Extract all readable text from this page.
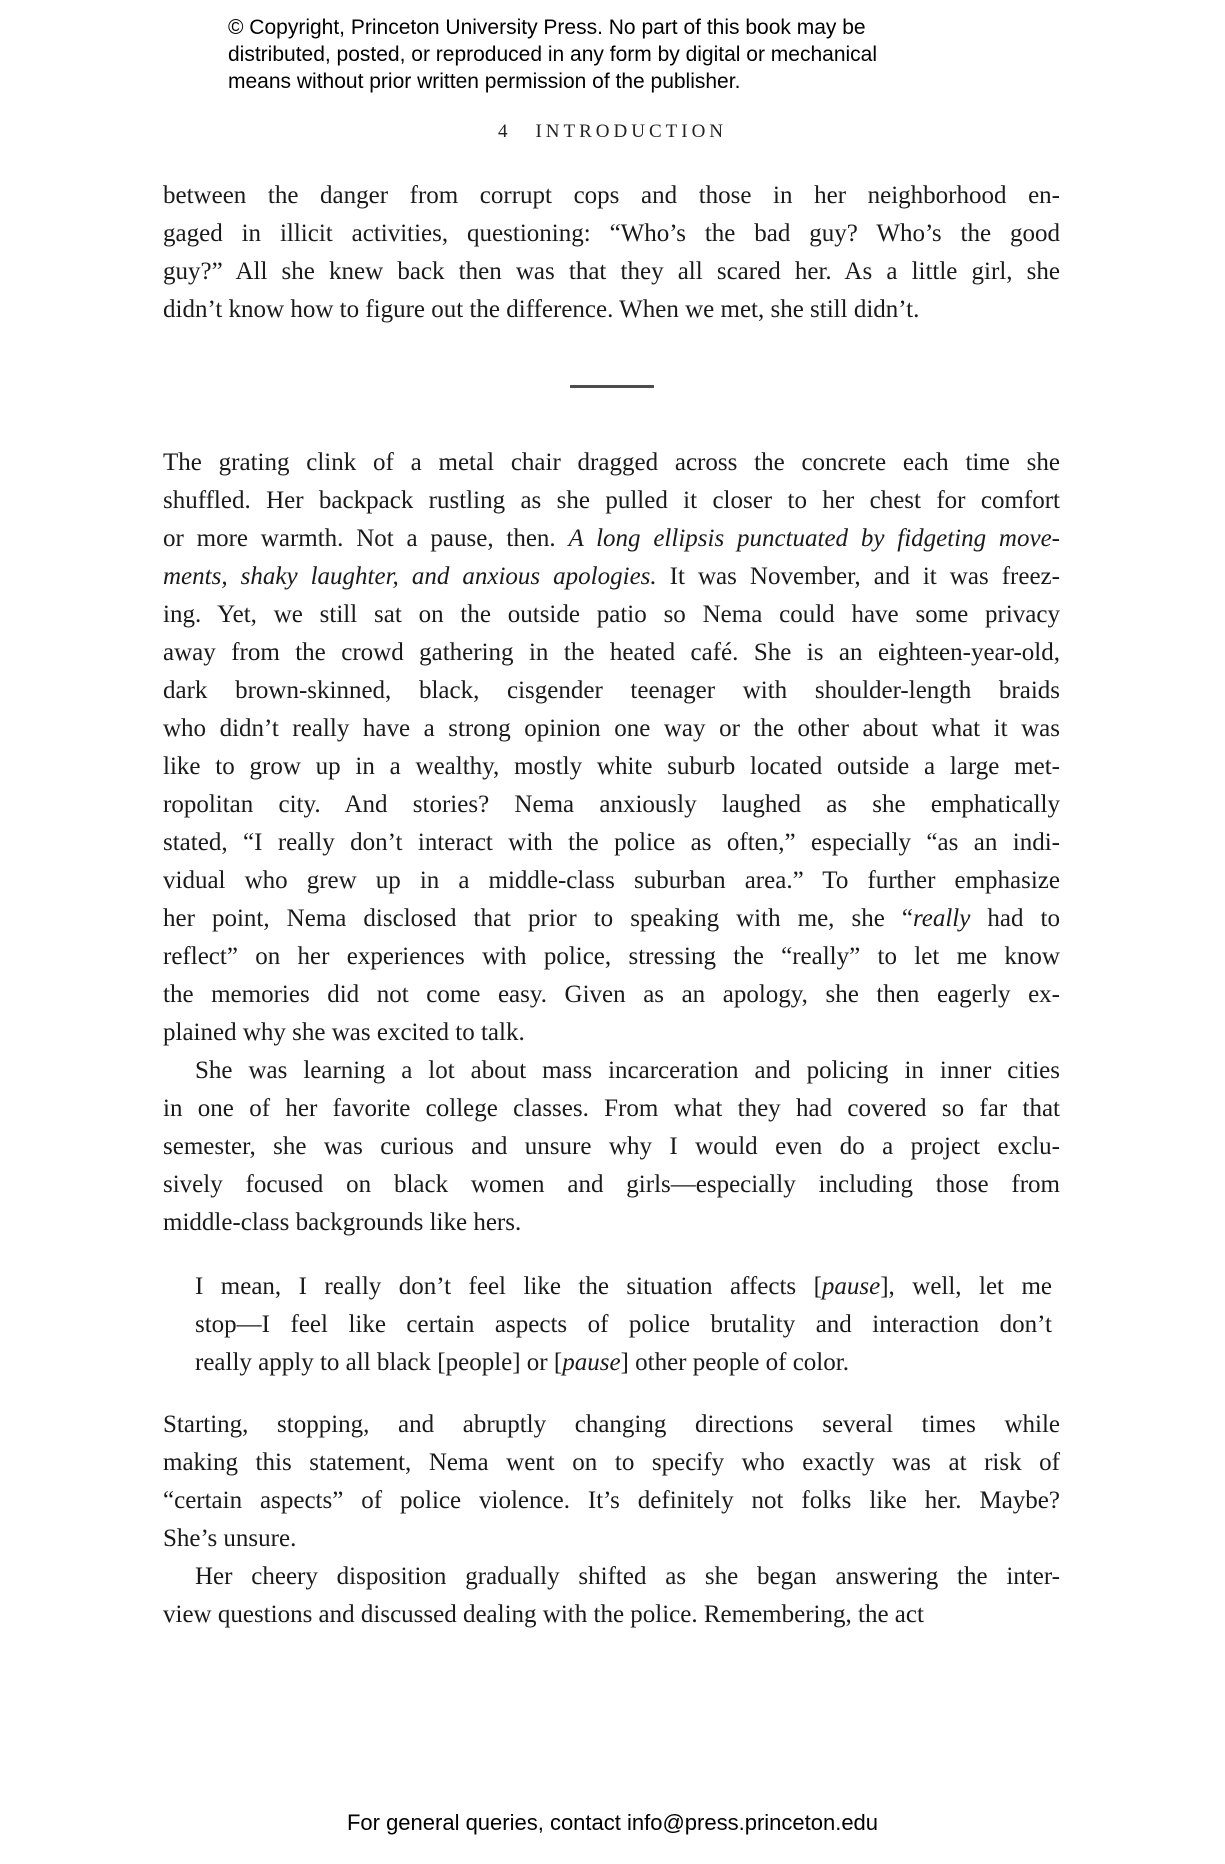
© Copyright, Princeton University Press. No part of this book may be
distributed, posted, or reproduced in any form by digital or mechanical
means without prior written permission of the publisher.
4 INTRODUCTION
between the danger from corrupt cops and those in her neighborhood en-
gaged in illicit activities, questioning: “Who’s the bad guy? Who’s the good
guy?” All she knew back then was that they all scared her. As a little girl, she
didn’t know how to figure out the difference. When we met, she still didn’t.
The grating clink of a metal chair dragged across the concrete each time she
shuffled. Her backpack rustling as she pulled it closer to her chest for comfort
or more warmth. Not a pause, then. A long ellipsis punctuated by fidgeting move-
ments, shaky laughter, and anxious apologies. It was November, and it was freez-
ing. Yet, we still sat on the outside patio so Nema could have some privacy
away from the crowd gathering in the heated café. She is an eighteen-year-old,
dark brown-skinned, black, cisgender teenager with shoulder-length braids
who didn’t really have a strong opinion one way or the other about what it was
like to grow up in a wealthy, mostly white suburb located outside a large met-
ropolitan city. And stories? Nema anxiously laughed as she emphatically
stated, “I really don’t interact with the police as often,” especially “as an indi-
vidual who grew up in a middle-class suburban area.” To further emphasize
her point, Nema disclosed that prior to speaking with me, she “really had to
reflect” on her experiences with police, stressing the “really” to let me know
the memories did not come easy. Given as an apology, she then eagerly ex-
plained why she was excited to talk.
She was learning a lot about mass incarceration and policing in inner cities
in one of her favorite college classes. From what they had covered so far that
semester, she was curious and unsure why I would even do a project exclu-
sively focused on black women and girls—especially including those from
middle-class backgrounds like hers.
I mean, I really don’t feel like the situation affects [pause], well, let me
stop—I feel like certain aspects of police brutality and interaction don’t
really apply to all black [people] or [pause] other people of color.
Starting, stopping, and abruptly changing directions several times while
making this statement, Nema went on to specify who exactly was at risk of
“certain aspects” of police violence. It’s definitely not folks like her. Maybe?
She’s unsure.
Her cheery disposition gradually shifted as she began answering the inter-
view questions and discussed dealing with the police. Remembering, the act
For general queries, contact info@press.princeton.edu
